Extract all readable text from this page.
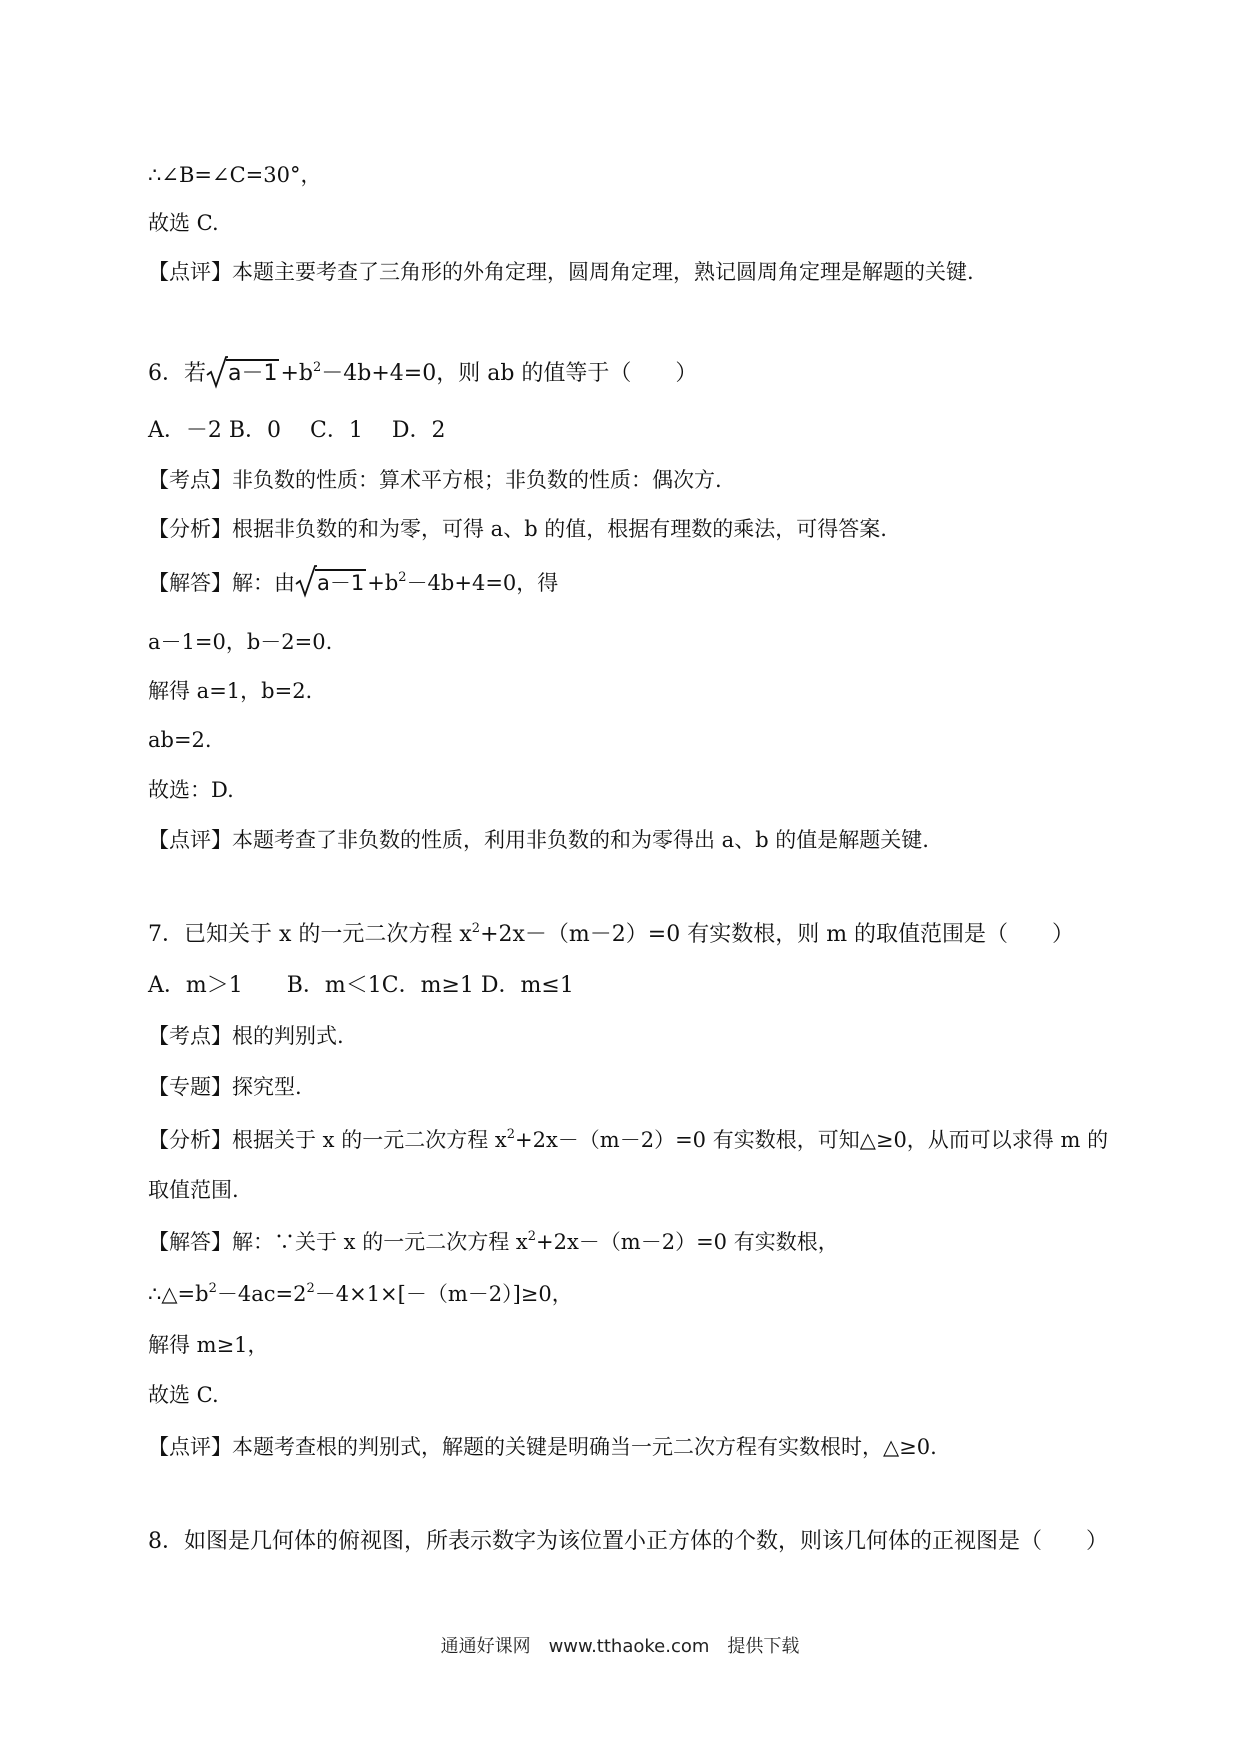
∴∠B=∠C=30°，
故选 C.
【点评】本题主要考查了三角形的外角定理，圆周角定理，熟记圆周角定理是解题的关键.
6．若 $a-1 +b^2-4b+4=0$，则 ab 的值等于（　　）
A．－2 B．0　 C．1　 D．2
【考点】非负数的性质：算术平方根；非负数的性质：偶次方.
【分析】根据非负数的和为零，可得 a、b 的值，根据有理数的乘法，可得答案.
【解答】解：由 $a-1 +b^2-4b+4=0$，得
a－1=0，b－2=0.
解得 a=1，b=2.
ab=2.
故选：D.
【点评】本题考查了非负数的性质，利用非负数的和为零得出 a、b 的值是解题关键.
7．已知关于 x 的一元二次方程 $x^2+2x-(m-2)=0$ 有实数根，则 m 的取值范围是（　　）
A．m＞1　　B．m＜1C．m≥1 D．m≤1
【考点】根的判别式.
【专题】探究型.
【分析】根据关于 x 的一元二次方程 $x^2+2x-(m-2)=0$ 有实数根，可知△≥0，从而可以求得 m 的
取值范围.
【解答】解：∵关于 x 的一元二次方程 $x^2+2x-(m-2)=0$ 有实数根，
$\therefore\triangle=b^2-4ac=2^2-4\times 1\times[-(m-2)]\ge 0$，
解得 m≥1，
故选 C.
【点评】本题考查根的判别式，解题的关键是明确当一元二次方程有实数根时，△≥0.
8．如图是几何体的俯视图，所表示数字为该位置小正方体的个数，则该几何体的正视图是（　　）
通通好课网　www.tthaoke.com　提供下载
